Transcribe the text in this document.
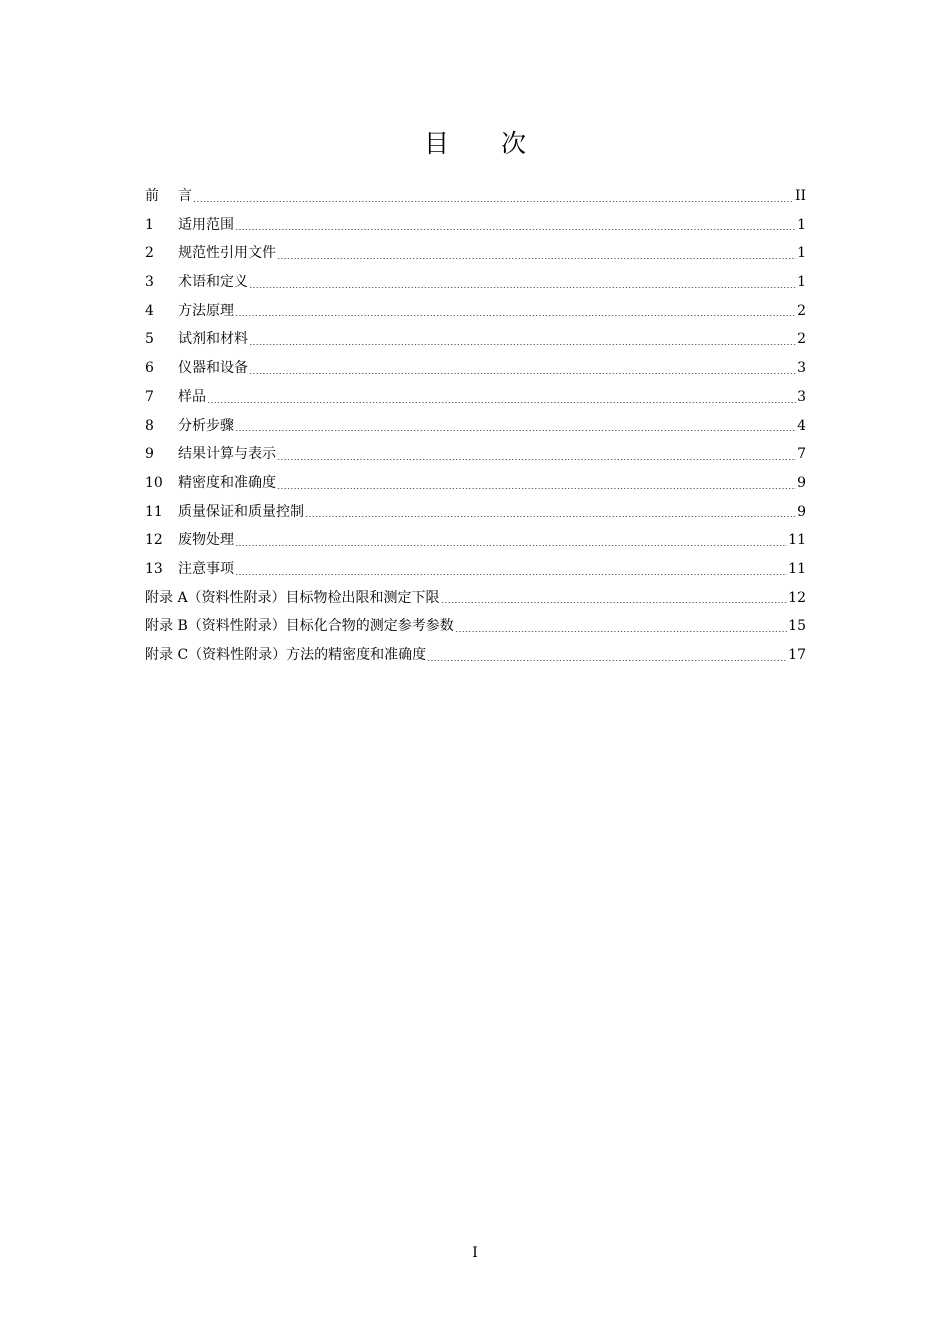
目 次
前	言	II
1	适用范围	1
2	规范性引用文件	1
3	术语和定义	1
4	方法原理	2
5	试剂和材料	2
6	仪器和设备	3
7	样品	3
8	分析步骤	4
9	结果计算与表示	7
10	精密度和准确度	9
11	质量保证和质量控制	9
12	废物处理	11
13	注意事项	11
附录 A（资料性附录）目标物检出限和测定下限	12
附录 B（资料性附录）目标化合物的测定参考参数	15
附录 C（资料性附录）方法的精密度和准确度	17
I
